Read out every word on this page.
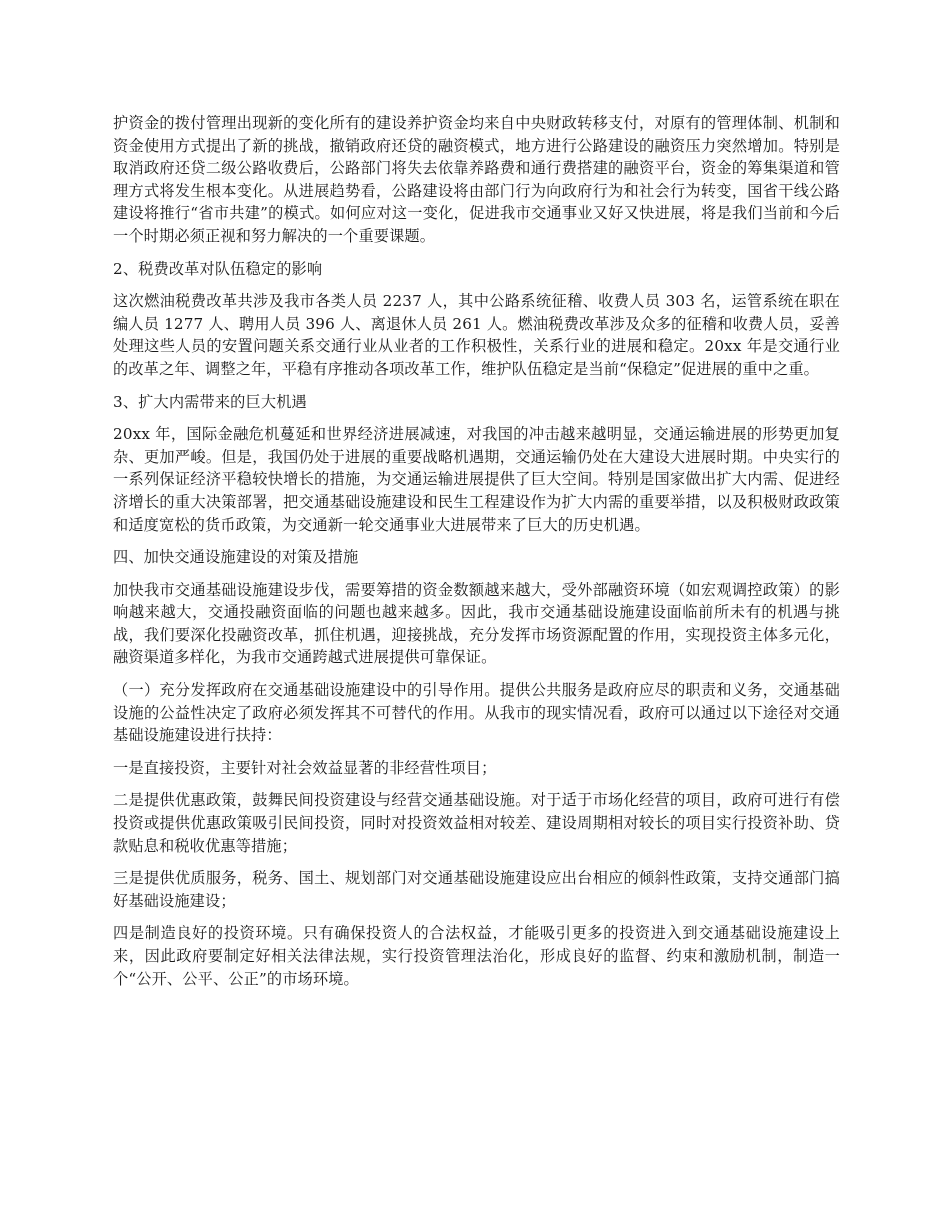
护资金的拨付管理出现新的变化所有的建设养护资金均来自中央财政转移支付，对原有的管理体制、机制和资金使用方式提出了新的挑战，撤销政府还贷的融资模式，地方进行公路建设的融资压力突然增加。特别是取消政府还贷二级公路收费后，公路部门将失去依靠养路费和通行费搭建的融资平台，资金的筹集渠道和管理方式将发生根本变化。从进展趋势看，公路建设将由部门行为向政府行为和社会行为转变，国省干线公路建设将推行“省市共建”的模式。如何应对这一变化，促进我市交通事业又好又快进展，将是我们当前和今后一个时期必须正视和努力解决的一个重要课题。

2、税费改革对队伍稳定的影响

这次燃油税费改革共涉及我市各类人员 2237 人，其中公路系统征稽、收费人员 303 名，运管系统在职在编人员 1277 人、聘用人员 396 人、离退休人员 261 人。燃油税费改革涉及众多的征稽和收费人员，妥善处理这些人员的安置问题关系交通行业从业者的工作积极性，关系行业的进展和稳定。20xx 年是交通行业的改革之年、调整之年，平稳有序推动各项改革工作，维护队伍稳定是当前“保稳定”促进展的重中之重。

3、扩大内需带来的巨大机遇

20xx 年，国际金融危机蔓延和世界经济进展减速，对我国的冲击越来越明显，交通运输进展的形势更加复杂、更加严峻。但是，我国仍处于进展的重要战略机遇期，交通运输仍处在大建设大进展时期。中央实行的一系列保证经济平稳较快增长的措施，为交通运输进展提供了巨大空间。特别是国家做出扩大内需、促进经济增长的重大决策部署，把交通基础设施建设和民生工程建设作为扩大内需的重要举措，以及积极财政政策和适度宽松的货币政策，为交通新一轮交通事业大进展带来了巨大的历史机遇。

四、加快交通设施建设的对策及措施

加快我市交通基础设施建设步伐，需要筹措的资金数额越来越大，受外部融资环境（如宏观调控政策）的影响越来越大，交通投融资面临的问题也越来越多。因此，我市交通基础设施建设面临前所未有的机遇与挑战，我们要深化投融资改革，抓住机遇，迎接挑战，充分发挥市场资源配置的作用，实现投资主体多元化，融资渠道多样化，为我市交通跨越式进展提供可靠保证。

（一）充分发挥政府在交通基础设施建设中的引导作用。提供公共服务是政府应尽的职责和义务，交通基础设施的公益性决定了政府必须发挥其不可替代的作用。从我市的现实情况看，政府可以通过以下途径对交通基础设施建设进行扶持：

一是直接投资，主要针对社会效益显著的非经营性项目；

二是提供优惠政策，鼓舞民间投资建设与经营交通基础设施。对于适于市场化经营的项目，政府可进行有偿投资或提供优惠政策吸引民间投资，同时对投资效益相对较差、建设周期相对较长的项目实行投资补助、贷款贴息和税收优惠等措施；

三是提供优质服务，税务、国土、规划部门对交通基础设施建设应出台相应的倾斜性政策，支持交通部门搞好基础设施建设；

四是制造良好的投资环境。只有确保投资人的合法权益，才能吸引更多的投资进入到交通基础设施建设上来，因此政府要制定好相关法律法规，实行投资管理法治化，形成良好的监督、约束和激励机制，制造一个“公开、公平、公正”的市场环境。
